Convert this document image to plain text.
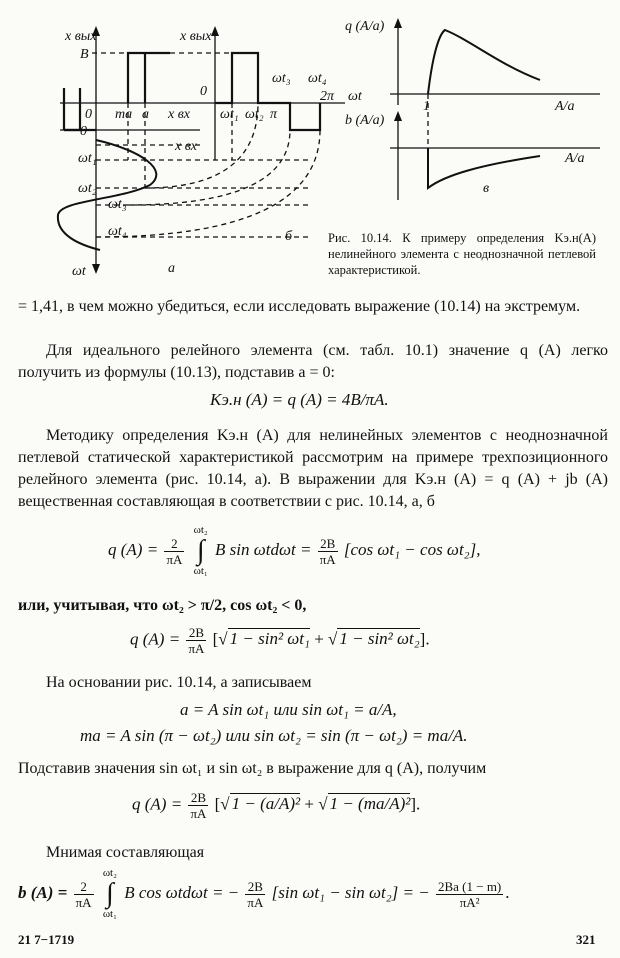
x вых	x вых
B
0
0
0
ma a x вх
x вх
ωt₁ ωt₂
ωt₃ ωt₄
π
2π ωt
ωt
ωt₁
ωt₂
ωt₃
ωt₄
а
б
в
q (A/a)
b (A/a)
1	A/a
A/a
Рис. 10.14. К примеру определения Kэ.н(A) нелинейного элемента с неоднозначной петлевой характеристикой.
= 1,41, в чем можно убедиться, если исследовать выражение (10.14) на экстремум.
Для идеального релейного элемента (см. табл. 10.1) значение q (A) легко получить из формулы (10.13), подставив a = 0:
Kэ.н (A) = q (A) = 4B/πA.
Методику определения Kэ.н (A) для нелинейных элементов с неоднозначной петлевой статической характеристикой рассмотрим на примере трехпозиционного релейного элемента (рис. 10.14, а). В выражении для Kэ.н (A) = q (A) + jb (A) вещественная составляющая в соответствии с рис. 10.14, а, б
q $(A) = \frac{2}{\pi A}$
ωt₂
∫
ωt₁ B $\sin \omega td\omega t = \frac{2B}{\pi A} [\cos$ ωt₁ − cos ωt₂],
или, учитывая, что ωt₂ > π/2, cos ωt₂ < 0,
q $(A) = \frac{2B}{\pi A}$ [√ 1 − sin² ωt₁ + √ 1 − sin² ωt₂].
На основании рис. 10.14, а записываем
a = A sin ωt₁ или sin ωt₁ = a/A,
ma = A sin (π − ωt₂) или sin ωt₂ = sin (π − ωt₂) = ma/A.
Подставив значения sin ωt₁ и sin ωt₂ в выражение для q (A), получим
q $(A) = \frac{2B}{\pi A}$ [√ 1 − (a/A)² + √ 1 − (ma/A)²].
Мнимая составляющая
b $(A) = \frac{2}{\pi A}$
ωt₂
∫
ωt₁ B cos ωtdωt = − $\frac{2B}{\pi A} [\sin$ ωt₁ − sin ωt₂] = − $\frac{2Ba (1 - m)}{\text{πA²}}$ .
21 7−1719	321
